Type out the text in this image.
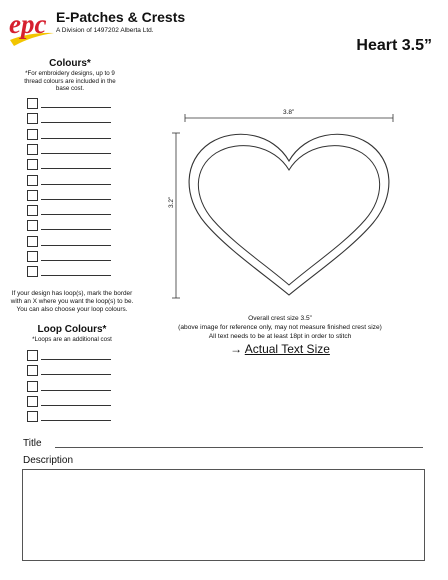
epc E-Patches & Crests
A Division of 1497202 Alberta Ltd.
Heart 3.5”
Colours*
*For embroidery designs, up to 9 thread colours are included in the base cost.
If your design has loop(s), mark the border with an X where you want the loop(s) to be. You can also choose your loop colours.
Loop Colours*
*Loops are an additional cost
3.8”
3.2”
Overall crest size 3.5”
(above image for reference only, may not measure finished crest size)
All text needs to be at least 18pt in order to stitch
→ Actual Text Size
Title
Description
